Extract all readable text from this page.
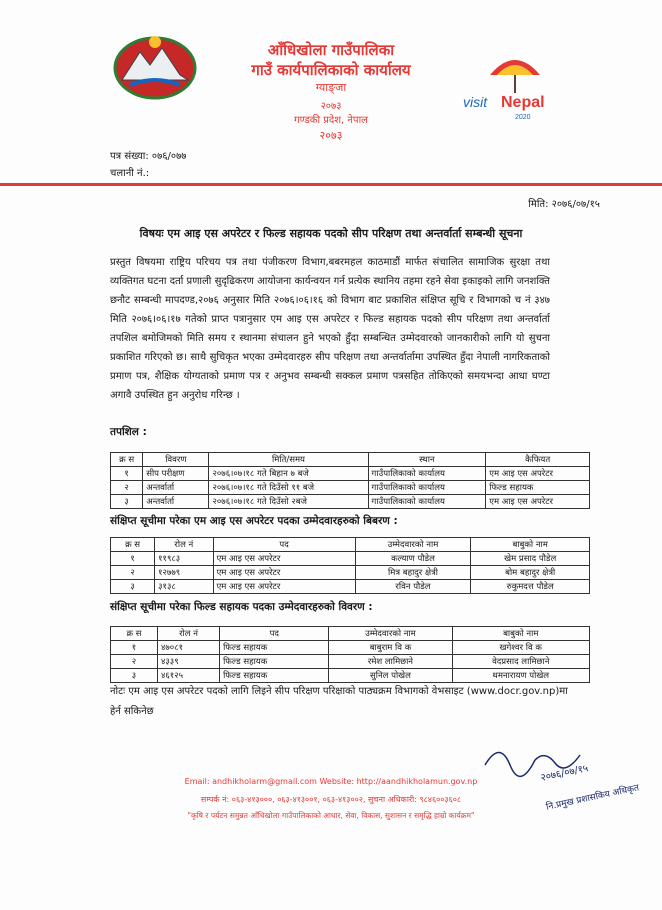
visit Nepal
2020
आँधिखोला गाउँपालिका
गाउँ कार्यपालिकाको कार्यालय
ग्याङ्जा
२०७३
गण्डकी प्रदेश, नेपाल
२०७३
पत्र संख्या: ०७६/०७७
चलानी नं.:
मिति: २०७६/०७/१५
विषयः एम आइ एस अपरेटर र फिल्ड सहायक पदको सीप परिक्षण तथा अन्तर्वार्ता सम्बन्धी सूचना
प्रस्तुत विषयमा राष्ट्रिय परिचय पत्र तथा पंजीकरण विभाग,बबरमहल काठमाडौं मार्फत संचालित सामाजिक सुरक्षा तथा व्यक्तिगत घटना दर्ता प्रणाली सुदृढिकरण आयोजना कार्यन्वयन गर्न प्रत्येक स्थानिय तहमा रहने सेवा इकाइको लागि जनशक्ति छनौट सम्बन्धी मापदण्ड,२०७६ अनुसार मिति २०७६।०६।१६ को विभाग बाट प्रकाशित संक्षिप्त सूचि र विभागको च नं ३४७ मिति २०७६।०६।१७ गतेको प्राप्त पत्रानुसार एम आइ एस अपरेटर र फिल्ड सहायक पदको सीप परिक्षण तथा अन्तर्वार्ता तपशिल बमोजिमको मिति समय र स्थानमा संचालन हुने भएको हुँदा सम्बन्धित उम्मेदवारको जानकारीको लागि यो सुचना प्रकाशित गरिएको छ। साथै सुचिकृत भएका उम्मेदवारहरु सीप परिक्षण तथा अन्तर्वार्तामा उपस्थित हुँदा नेपाली नागरिकताको प्रमाण पत्र, शैक्षिक योग्यताको प्रमाण पत्र र अनुभव सम्बन्धी सक्कल प्रमाण पत्रसहित तोकिएको समयभन्दा आधा घण्टा अगावै उपस्थित हुन अनुरोध गरिन्छ ।
तपशिल :
क्र स	विवरण	मिति/समय	स्थान	कैफियत
१	सीप परीक्षण	२०७६।०७।१८ गते बिहान ७ बजे	गाउँपालिकाको कार्यालय	एम आइ एस अपरेटर
२	अन्तर्वार्ता	२०७६।०७।१८ गते दिउँसो ११ बजे	गाउँपालिकाको कार्यालय	फिल्ड सहायक
३	अन्तर्वार्ता	२०७६।०७।१८ गते दिउँसो २बजे	गाउँपालिकाको कार्यालय	एम आइ एस अपरेटर
संक्षिप्त सूचीमा परेका एम आइ एस अपरेटर पदका उम्मेदवारहरुको बिबरण :
क्र स	रोल नं	पद	उम्मेदवारको नाम	बाबुको नाम
१	११९८३	एम आइ एस अपरेटर	कल्याण पौडेल	खेम प्रसाद पौडेल
२	१२७७९	एम आइ एस अपरेटर	मित्र बहादुर क्षेत्री	बोम बहादुर क्षेत्री
३	३१३८	एम आइ एस अपरेटर	रविन पौडेल	रुकुमदत्त पौडेल
संक्षिप्त सूचीमा परेका फिल्ड सहायक पदका उम्मेदवारहरुको विवरण :
क्र स	रोल नं	पद	उम्मेदवारको नाम	बाबुको नाम
१	४७०८१	फिल्ड सहायक	बाबुराम वि क	खगेश्वर वि क
२	४३३९	फिल्ड सहायक	रमेश लामिछाने	वेदप्रसाद लामिछाने
३	४६१२५	फिल्ड सहायक	सुनिल पोखेल	थमनारायण पोखेल
नोटः एम आइ एस अपरेटर पदको लागि लिइने सीप परिक्षण परिक्षाको पाठ्यक्रम विभागको वेभसाइट (www.docr.gov.np)मा हेर्न सकिनेछ
२०७६/०७/१५
नि.प्रमुख प्रशासकिय अधिकृत
Email: andhikholarm@gmail.com Website: http://aandhikholamun.gov.np
सम्पर्क नं: ०६३-४१३०००, ०६३-४१३००१, ०६३-४१३००२, सुचना अधिकारी: ९८४६००३६०८
"कृषि र पर्यटन समुन्नत आँधिखोला गाउँपालिकाको आधार, सेवा, विकास, सुशासन र समृद्धि हाम्रो कार्यक्रम"
